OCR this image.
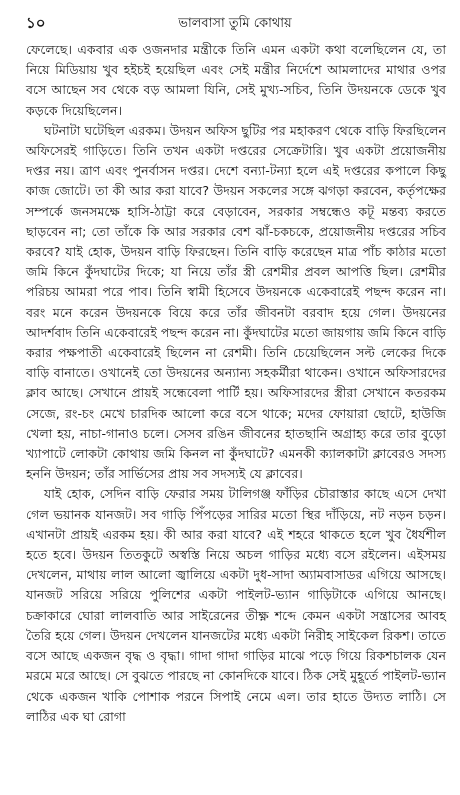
১০	ভালবাসা তুমি কোথায়

ফেলেছে। একবার এক ওজনদার মন্ত্রীকে তিনি এমন একটা কথা বলেছিলেন যে, তা নিয়ে মিডিয়ায় খুব হইচই হয়েছিল এবং সেই মন্ত্রীর নির্দেশে আমলাদের মাথার ওপর বসে আছেন সব থেকে বড় আমলা যিনি, সেই মুখ্য-সচিব, তিনি উদয়নকে ডেকে খুব কড়কে দিয়েছিলেন।

ঘটনাটা ঘটেছিল এরকম। উদয়ন অফিস ছুটির পর মহাকরণ থেকে বাড়ি ফিরছিলেন অফিসেরই গাড়িতে। তিনি তখন একটা দপ্তরের সেক্রেটারি। খুব একটা প্রয়োজনীয় দপ্তর নয়। ত্রাণ এবং পুনর্বাসন দপ্তর। দেশে বন্যা-টন্যা হলে এই দপ্তরের কপালে কিছু কাজ জোটে। তা কী আর করা যাবে? উদয়ন সকলের সঙ্গে ঝগড়া করবেন, কর্তৃপক্ষের সম্পর্কে জনসমক্ষে হাসি-ঠাট্টা করে বেড়াবেন, সরকার সম্বন্ধেও কটূ মন্তব্য করতে ছাড়বেন না; তো তাঁকে কি আর সরকার বেশ ঝাঁ-চকচকে, প্রয়োজনীয় দপ্তরের সচিব করবে? যাই হোক, উদয়ন বাড়ি ফিরছেন। তিনি বাড়ি করেছেন মাত্র পাঁচ কাঠার মতো জমি কিনে কুঁদঘাটের দিকে; যা নিয়ে তাঁর স্ত্রী রেশমীর প্রবল আপত্তি ছিল। রেশমীর পরিচয় আমরা পরে পাব। তিনি স্বামী হিসেবে উদয়নকে একেবারেই পছন্দ করেন না। বরং মনে করেন উদয়নকে বিয়ে করে তাঁর জীবনটা বরবাদ হয়ে গেল। উদয়নের আদর্শবাদ তিনি একেবারেই পছন্দ করেন না। কুঁদঘাটের মতো জায়গায় জমি কিনে বাড়ি করার পক্ষপাতী একেবারেই ছিলেন না রেশমী। তিনি চেয়েছিলেন সল্ট লেকের দিকে বাড়ি বানাতে। ওখানেই তো উদয়নের অন্যান্য সহকর্মীরা থাকেন। ওখানে অফিসারদের ক্লাব আছে। সেখানে প্রায়ই সন্ধেবেলা পার্টি হয়। অফিসারদের স্ত্রীরা সেখানে কতরকম সেজে, রং-চং মেখে চারদিক আলো করে বসে থাকে; মদের ফোয়ারা ছোটে, হাউজি খেলা হয়, নাচা-গানাও চলে। সেসব রঙিন জীবনের হাতছানি অগ্রাহ্য করে তার বুড়ো খ্যাপাটে লোকটা কোথায় জমি কিনল না কুঁদঘাটে? এমনকী ক্যালকাটা ক্লাবেরও সদস্য হননি উদয়ন; তাঁর সার্ভিসের প্রায় সব সদস্যই যে ক্লাবের।

যাই হোক, সেদিন বাড়ি ফেরার সময় টালিগঞ্জ ফাঁড়ির চৌরাস্তার কাছে এসে দেখা গেল ভয়ানক যানজট। সব গাড়ি পিঁপড়ের সারির মতো স্থির দাঁড়িয়ে, নট নড়ন চড়ন। এখানটা প্রায়ই এরকম হয়। কী আর করা যাবে? এই শহরে থাকতে হলে খুব ধৈর্যশীল হতে হবে। উদয়ন তিতকুটে অস্বস্তি নিয়ে অচল গাড়ির মধ্যে বসে রইলেন। এইসময় দেখলেন, মাথায় লাল আলো জ্বালিয়ে একটা দুধ-সাদা অ্যামবাসাডর এগিয়ে আসছে। যানজট সরিয়ে সরিয়ে পুলিশের একটা পাইলট-ভ্যান গাড়িটাকে এগিয়ে আনছে। চক্রাকারে ঘোরা লালবাতি আর সাইরেনের তীক্ষ্ণ শব্দে কেমন একটা সন্ত্রাসের আবহ তৈরি হয়ে গেল। উদয়ন দেখলেন যানজটের মধ্যে একটা নিরীহ সাইকেল রিকশ। তাতে বসে আছে একজন বৃদ্ধ ও বৃদ্ধা। গাদা গাদা গাড়ির মাঝে পড়ে গিয়ে রিকশচালক যেন মরমে মরে আছে। সে বুঝতে পারছে না কোনদিকে যাবে। ঠিক সেই মুহূর্তে পাইলট-ভ্যান থেকে একজন খাকি পোশাক পরনে সিপাই নেমে এল। তার হাতে উদ্যত লাঠি। সে লাঠির এক ঘা রোগা
